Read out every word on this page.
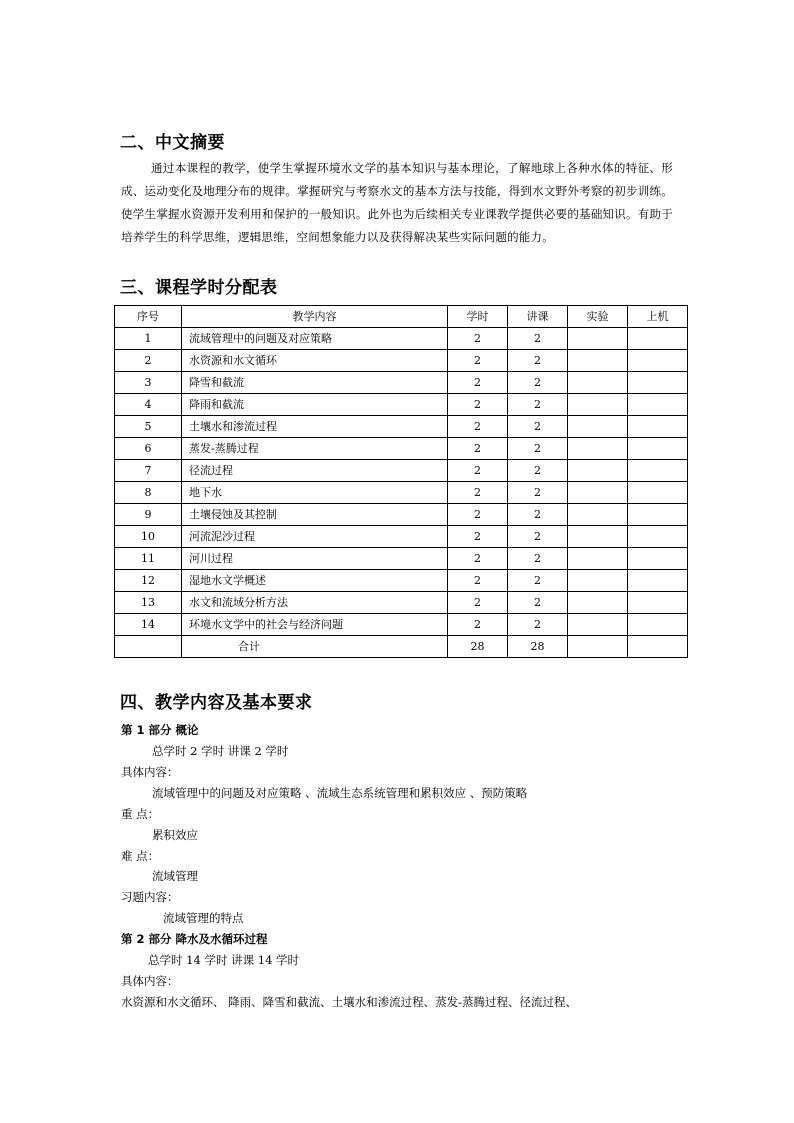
二、中文摘要
通过本课程的教学，使学生掌握环境水文学的基本知识与基本理论，了解地球上各种水体的特征、形成、运动变化及地理分布的规律。掌握研究与考察水文的基本方法与技能，得到水文野外考察的初步训练。使学生掌握水资源开发利用和保护的一般知识。此外也为后续相关专业课教学提供必要的基础知识。有助于培养学生的科学思维，逻辑思维，空间想象能力以及获得解决某些实际问题的能力。
三、课程学时分配表
序号	教学内容	学时	讲课	实验	上机
1	流域管理中的问题及对应策略	2	2		
2	水资源和水文循环	2	2		
3	降雪和截流	2	2		
4	降雨和截流	2	2		
5	土壤水和渗流过程	2	2		
6	蒸发-蒸腾过程	2	2		
7	径流过程	2	2		
8	地下水	2	2		
9	土壤侵蚀及其控制	2	2		
10	河流泥沙过程	2	2		
11	河川过程	2	2		
12	湿地水文学概述	2	2		
13	水文和流域分析方法	2	2		
14	环境水文学中的社会与经济问题	2	2		
	合计	28	28		
四、教学内容及基本要求
第 1 部分 概论
总学时 2 学时 讲课 2 学时
具体内容：
流域管理中的问题及对应策略 、流域生态系统管理和累积效应 、预防策略
重 点：
累积效应
难 点：
流域管理
习题内容：
流域管理的特点
第 2 部分 降水及水循环过程
总学时 14 学时 讲课 14 学时
具体内容：
水资源和水文循环、 降雨、降雪和截流、土壤水和渗流过程、蒸发-蒸腾过程、径流过程、
